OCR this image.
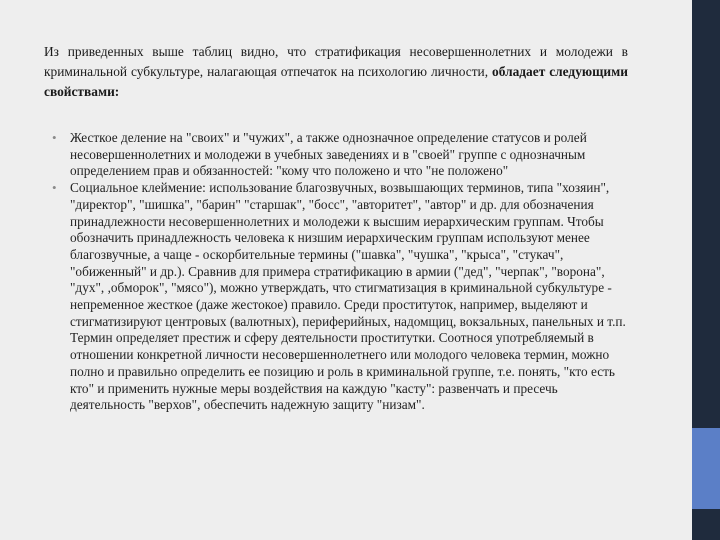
Из приведенных выше таблиц видно, что стратификация несовершеннолетних и молодежи в криминальной субкультуре, налагающая отпечаток на психологию личности, обладает следующими свойствами:

• Жесткое деление на "своих" и "чужих", а также однозначное определение статусов и ролей несовершеннолетних и молодежи в учебных заведениях и в "своей" группе с однозначным определением прав и обязанностей: "кому что положено и что "не положено"
• Социальное клеймение: использование благозвучных, возвышающих терминов, типа "хозяин", "директор", "шишка", "барин" "старшак", "босс", "авторитет", "автор" и др. для обозначения принадлежности несовершеннолетних и молодежи к высшим иерархическим группам. Чтобы обозначить принадлежность человека к низшим иерархическим группам используют менее благозвучные, а чаще - оскорбительные термины ("шавка", "чушка", "крыса", "стукач", "обиженный" и др.). Сравнив для примера стратификацию в армии ("дед", "черпак", "ворона", "дух", ,обморок", "мясо"), можно утверждать, что стигматизация в криминальной субкультуре - непременное жесткое (даже жестокое) правило. Среди проституток, например, выделяют и стигматизируют центровых (валютных), периферийных, надомщиц, вокзальных, панельных и т.п. Термин определяет престиж и сферу деятельности проститутки. Соотнося употребляемый в отношении конкретной личности несовершеннолетнего или молодого человека термин, можно полно и правильно определить ее позицию и роль в криминальной группе, т.е. понять, "кто есть кто" и применить нужные меры воздействия на каждую "касту": развенчать и пресечь деятельность "верхов", обеспечить надежную защиту "низам".
